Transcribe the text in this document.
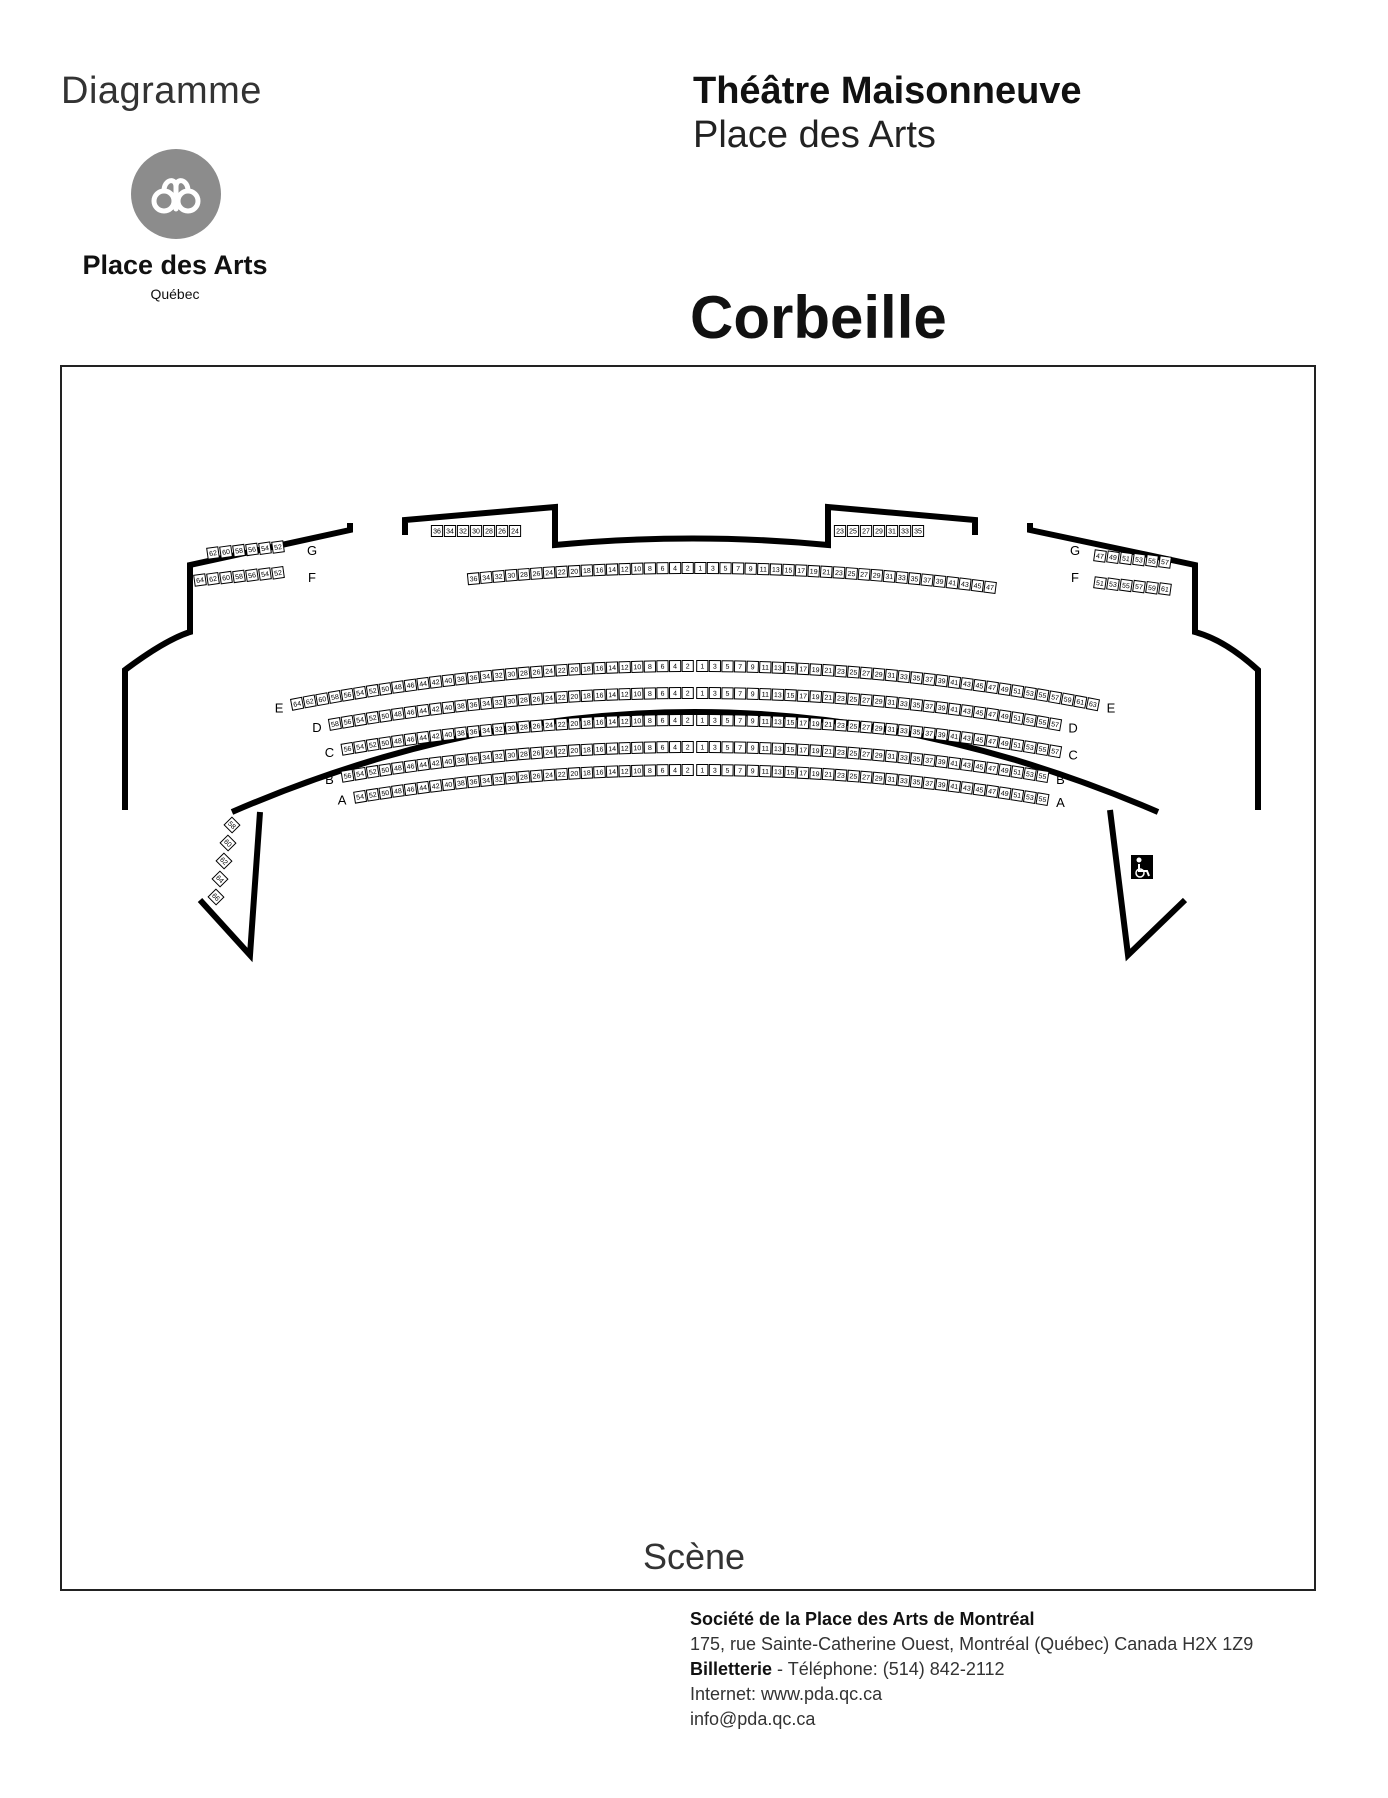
Diagramme
Place des Arts
Québec
Théâtre Maisonneuve
Place des Arts
Corbeille
64 62 60 58 56 54 52 50 48 46 44 42 40 38 36 34 32 30 28 26 24 22 20 18 16 14 12 10 8 6 4 2 1 3 5 7 9 11 13 15 17 19 21 23 25 27 29 31 33 35 37 39 41 43 45 47 49 51 53 55 57 59 61 63
E	E
58 56 54 52 50 48 46 44 42 40 38 36 34 32 30 28 26 24 22 20 18 16 14 12 10 8 6 4 2 1 3 5 7 9 11 13 15 17 19 21 23 25 27 29 31 33 35 37 39 41 43 45 47 49 51 53 55 57
D	D
56 54 52 50 48 46 44 42 40 38 36 34 32 30 28 26 24 22 20 18 16 14 12 10 8 6 4 2 1 3 5 7 9 11 13 15 17 19 21 23 25 27 29 31 33 35 37 39 41 43 45 47 49 51 53 55 57
C	C
56 54 52 50 48 46 44 42 40 38 36 34 32 30 28 26 24 22 20 18 16 14 12 10 8 6 4 2 1 3 5 7 9 11 13 15 17 19 21 23 25 27 29 31 33 35 37 39 41 43 45 47 49 51 53 55
B	B
54 52 50 48 46 44 42 40 38 36 34 32 30 28 26 24 22 20 18 16 14 12 10 8 6 4 2 1 3 5 7 9 11 13 15 17 19 21 23 25 27 29 31 33 35 37 39 41 43 45 47 49 51 53 55
A	A
36 34 32 30 28 26 24 22 20 18 16 14 12 10 8 6 4 2 1 3 5 7 9 11 13 15 17 19 21 23 25 27 29 31 33 35 37 39 41 43 45 47
36 34 32 30 28 26 24	23 25 27 29 31 33 35
64 62 60 58 56 54 52
51 53 55 57 59 61
F	F
62 60 58 56 54 52
47 49 51 53 55 57
G	G
58
60
62
64
66
Scène
Société de la Place des Arts de Montréal
175, rue Sainte-Catherine Ouest, Montréal (Québec) Canada H2X 1Z9
Billetterie - Téléphone: (514) 842-2112
Internet: www.pda.qc.ca
info@pda.qc.ca
